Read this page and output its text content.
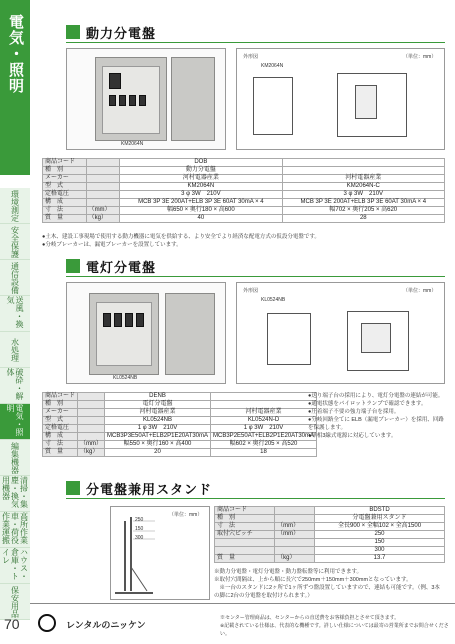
電気・照明
環境測定
安全保護
通信設備
送風・換気
水処理
破砕・解体
電気・照明
編集機器
清掃・集塵・換気用機器
高所作業車・荷役作業運搬
ハウス・倉庫・トイレ
保安用品
70
動力分電盤
KM2064N
外形図	（単位：mm）
KM2064N
商品コード		DOB	
種　別		動力分電盤	
メーカー		河村電器産業	河村電器産業
型　式		KM2064N	KM2064N-C
定格電圧		3 φ 3W　210V	3 φ 3W　210V
構　成		MCB 3P 3E 200AT+ELB 3P 3E 60AT 30mA × 4	MCB 3P 3E 200AT+ELB 3P 3E 60AT 30mA × 4
寸　法	（mm）	幅650 × 奥行180 × 高600	幅702 × 奥行205 × 高620
質　量	（kg）	40	28
●土木、建設工事現場で使用する動力機器に電気を供給する、より安全でより経済な配電方式の仮設分電盤です。
●分岐ブレーカーは、漏電ブレーカーを設置しています。
電灯分電盤
KL0524NB
外形図	（単位：mm）
KL0524NB
商品コード		DENB	
種　別		電灯分電盤	
メーカー		河村電器産業	河村電器産業
型　式		KL0524NB	KL0524N-D
定格電圧		1 φ 3W　210V	1 φ 3W　210V
構　成		MCB3P3E50AT+ELB2P1E20AT30mA	MCB3P2E50AT+ELB2P1E20AT30mA
寸　法	（mm）	幅550 × 奥行160 × 高400	幅602 × 奥行205 × 高520
質　量	（kg）	20	18
●送り端子台の採用により、電灯分電盤の連結が可能。
●通電状態をパイロットランプで確認できます。
●圧着端子不要の強力端子台を採用。
●分岐回路全てに ELB（漏電ブレーカー）を採用、回路を保護します。
●単相3線式電源に対応しています。
分電盤兼用スタンド
（単位：mm）
250
150
300
商品コード		BDSTD
種　別		分電盤兼用スタンド
寸　法	（mm）	全長900 × 全幅102 × 全高1500
取付穴ピッチ	（mm）	250
		150
		300
質　量	（kg）	13.7
※動力分電盤・電灯分電盤・動力盤転盤等に利用できます。
※取付穴間隔は、上から順に長穴で250mm＋150mm＋300mmとなっています。
　※一台のスタンドに2ヶ所で1ヶ所ずつ盤設置していますので、連結も可能です。（例、3本の脚に2台の分電盤を取付けられます。）
レンタルのニッケン
※センター管理商品は、センターからの直送費をお客様負担とさせて頂きます。
※記載されている仕様は、代表的な機種です。詳しい仕様については最寄の営業所までお問合せください。
